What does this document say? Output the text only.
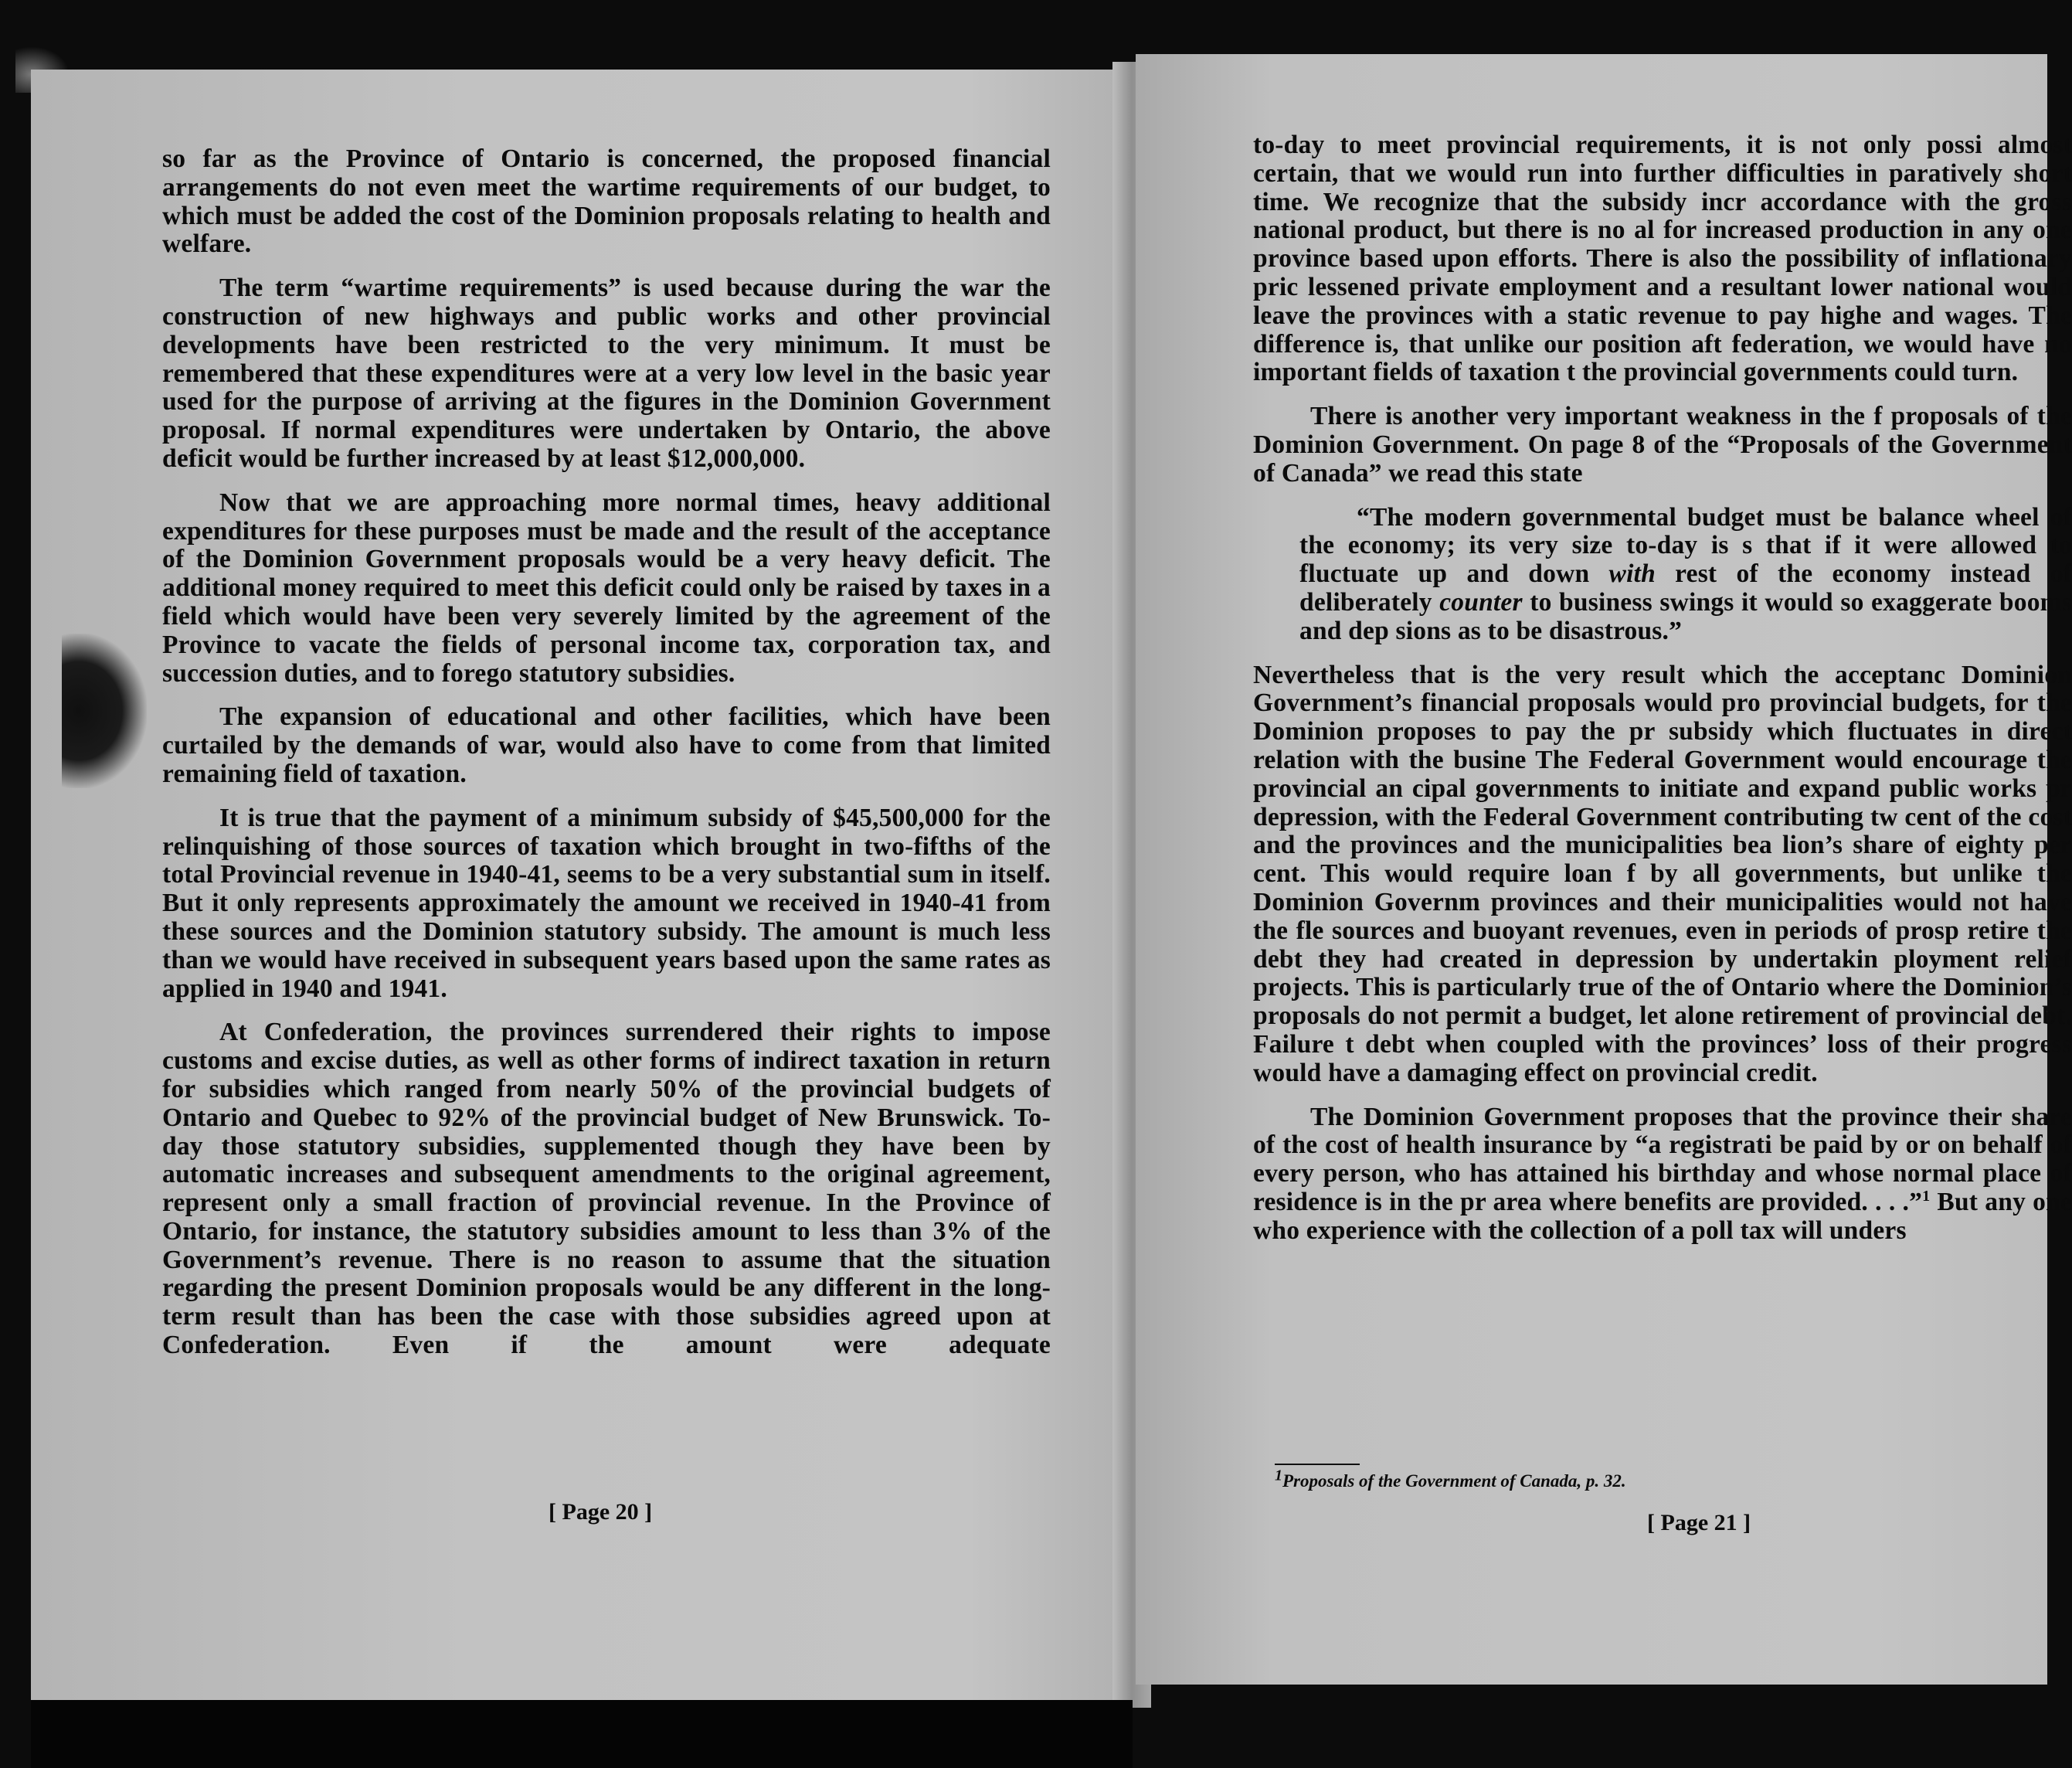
so far as the Province of Ontario is concerned, the proposed financial arrangements do not even meet the wartime requirements of our budget, to which must be added the cost of the Dominion proposals relating to health and welfare.

The term “wartime requirements” is used because during the war the construction of new highways and public works and other provincial developments have been restricted to the very minimum. It must be remembered that these expenditures were at a very low level in the basic year used for the purpose of arriving at the figures in the Dominion Government proposal. If normal expenditures were undertaken by Ontario, the above deficit would be further increased by at least $12,000,000.

Now that we are approaching more normal times, heavy additional expenditures for these purposes must be made and the result of the acceptance of the Dominion Government proposals would be a very heavy deficit. The additional money required to meet this deficit could only be raised by taxes in a field which would have been very severely limited by the agreement of the Province to vacate the fields of personal income tax, corporation tax, and succession duties, and to forego statutory subsidies.

The expansion of educational and other facilities, which have been curtailed by the demands of war, would also have to come from that limited remaining field of taxation.

It is true that the payment of a minimum subsidy of $45,500,000 for the relinquishing of those sources of taxation which brought in two-fifths of the total Provincial revenue in 1940-41, seems to be a very substantial sum in itself. But it only represents approximately the amount we received in 1940-41 from these sources and the Dominion statutory subsidy. The amount is much less than we would have received in subsequent years based upon the same rates as applied in 1940 and 1941.

At Confederation, the provinces surrendered their rights to impose customs and excise duties, as well as other forms of indirect taxation in return for subsidies which ranged from nearly 50% of the provincial budgets of Ontario and Quebec to 92% of the provincial budget of New Brunswick. To-day those statutory subsidies, supplemented though they have been by automatic increases and subsequent amendments to the original agreement, represent only a small fraction of provincial revenue. In the Province of Ontario, for instance, the statutory subsidies amount to less than 3% of the Government’s revenue. There is no reason to assume that the situation regarding the present Dominion proposals would be any different in the long-term result than has been the case with those subsidies agreed upon at Confederation. Even if the amount were adequate

[ Page 20 ]

to-day to meet provincial requirements, it is not only possi almost certain, that we would run into further difficulties in paratively short time. We recognize that the subsidy incr accordance with the gross national product, but there is no al for increased production in any one province based upon efforts. There is also the possibility of inflationary pric lessened private employment and a resultant lower national would leave the provinces with a static revenue to pay highe and wages. The difference is, that unlike our position aft federation, we would have no important fields of taxation t the provincial governments could turn.

There is another very important weakness in the f proposals of the Dominion Government. On page 8 of the “Proposals of the Government of Canada” we read this state

“The modern governmental budget must be balance wheel of the economy; its very size to-day is s that if it were allowed to fluctuate up and down with rest of the economy instead of deliberately counter to business swings it would so exaggerate booms and dep sions as to be disastrous.”

Nevertheless that is the very result which the acceptanc Dominion Government’s financial proposals would pro provincial budgets, for the Dominion proposes to pay the pr subsidy which fluctuates in direct relation with the busine The Federal Government would encourage the provincial an cipal governments to initiate and expand public works pr depression, with the Federal Government contributing tw cent of the cost and the provinces and the municipalities bea lion’s share of eighty per cent. This would require loan f by all governments, but unlike the Dominion Governm provinces and their municipalities would not have the fle sources and buoyant revenues, even in periods of prosp retire the debt they had created in depression by undertakin ployment relief projects. This is particularly true of the of Ontario where the Dominion’s proposals do not permit a budget, let alone retirement of provincial debt. Failure t debt when coupled with the provinces’ loss of their progress would have a damaging effect on provincial credit.

The Dominion Government proposes that the province their share of the cost of health insurance by “a registrati be paid by or on behalf of every person, who has attained his birthday and whose normal place of residence is in the pr area where benefits are provided. . . .”$^1$ But any one who experience with the collection of a poll tax will unders

$^1$Proposals of the Government of Canada, p. 32.
[ Page 21 ]
